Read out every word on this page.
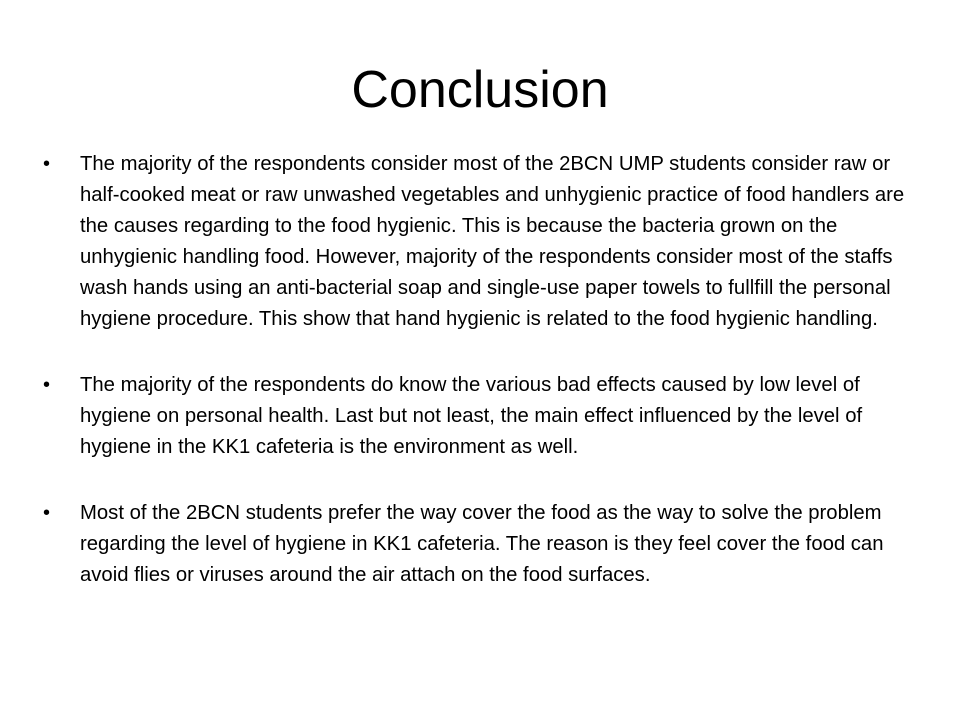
Conclusion
• The majority of the respondents consider most of the 2BCN UMP students consider raw or half-cooked meat or raw unwashed vegetables and unhygienic practice of food handlers are the causes regarding to the food hygienic. This is because the bacteria grown on the unhygienic handling food. However, majority of the respondents consider most of the staffs wash hands using an anti-bacterial soap and single-use paper towels to fullfill the personal hygiene procedure. This show that hand hygienic is related to the food hygienic handling.
• The majority of the respondents do know the various bad effects caused by low level of hygiene on personal health. Last but not least, the main effect influenced by the level of hygiene in the KK1 cafeteria is the environment as well.
• Most of the 2BCN students prefer the way cover the food as the way to solve the problem regarding the level of hygiene in KK1 cafeteria. The reason is they feel cover the food can avoid flies or viruses around the air attach on the food surfaces.
